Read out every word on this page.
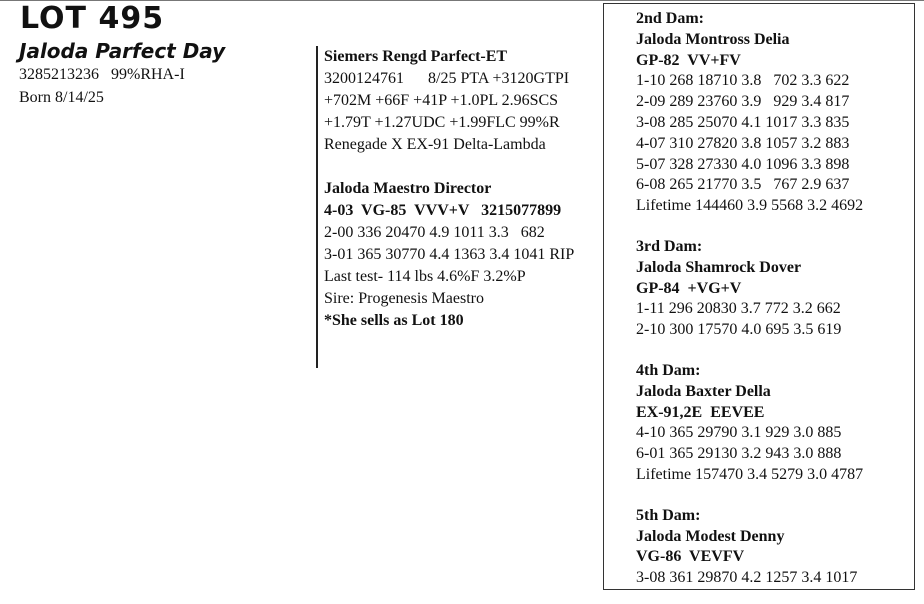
LOT 495
Jaloda Parfect Day
3285213236   99%RHA-I
Born 8/14/25
Siemers Rengd Parfect-ET
3200124761      8/25 PTA +3120GTPI
+702M +66F +41P +1.0PL 2.96SCS
+1.79T +1.27UDC +1.99FLC 99%R
Renegade X EX-91 Delta-Lambda
Jaloda Maestro Director
4-03  VG-85  VVV+V   3215077899
2-00 336 20470 4.9 1011 3.3   682
3-01 365 30770 4.4 1363 3.4 1041 RIP
Last test- 114 lbs 4.6%F 3.2%P
Sire: Progenesis Maestro
*She sells as Lot 180
2nd Dam:
Jaloda Montross Delia
GP-82  VV+FV
1-10 268 18710 3.8   702 3.3 622
2-09 289 23760 3.9   929 3.4 817
3-08 285 25070 4.1 1017 3.3 835
4-07 310 27820 3.8 1057 3.2 883
5-07 328 27330 4.0 1096 3.3 898
6-08 265 21770 3.5   767 2.9 637
Lifetime 144460 3.9 5568 3.2 4692
3rd Dam:
Jaloda Shamrock Dover
GP-84  +VG+V
1-11 296 20830 3.7 772 3.2 662
2-10 300 17570 4.0 695 3.5 619
4th Dam:
Jaloda Baxter Della
EX-91,2E  EEVEE
4-10 365 29790 3.1 929 3.0 885
6-01 365 29130 3.2 943 3.0 888
Lifetime 157470 3.4 5279 3.0 4787
5th Dam:
Jaloda Modest Denny
VG-86  VEVFV
3-08 361 29870 4.2 1257 3.4 1017
